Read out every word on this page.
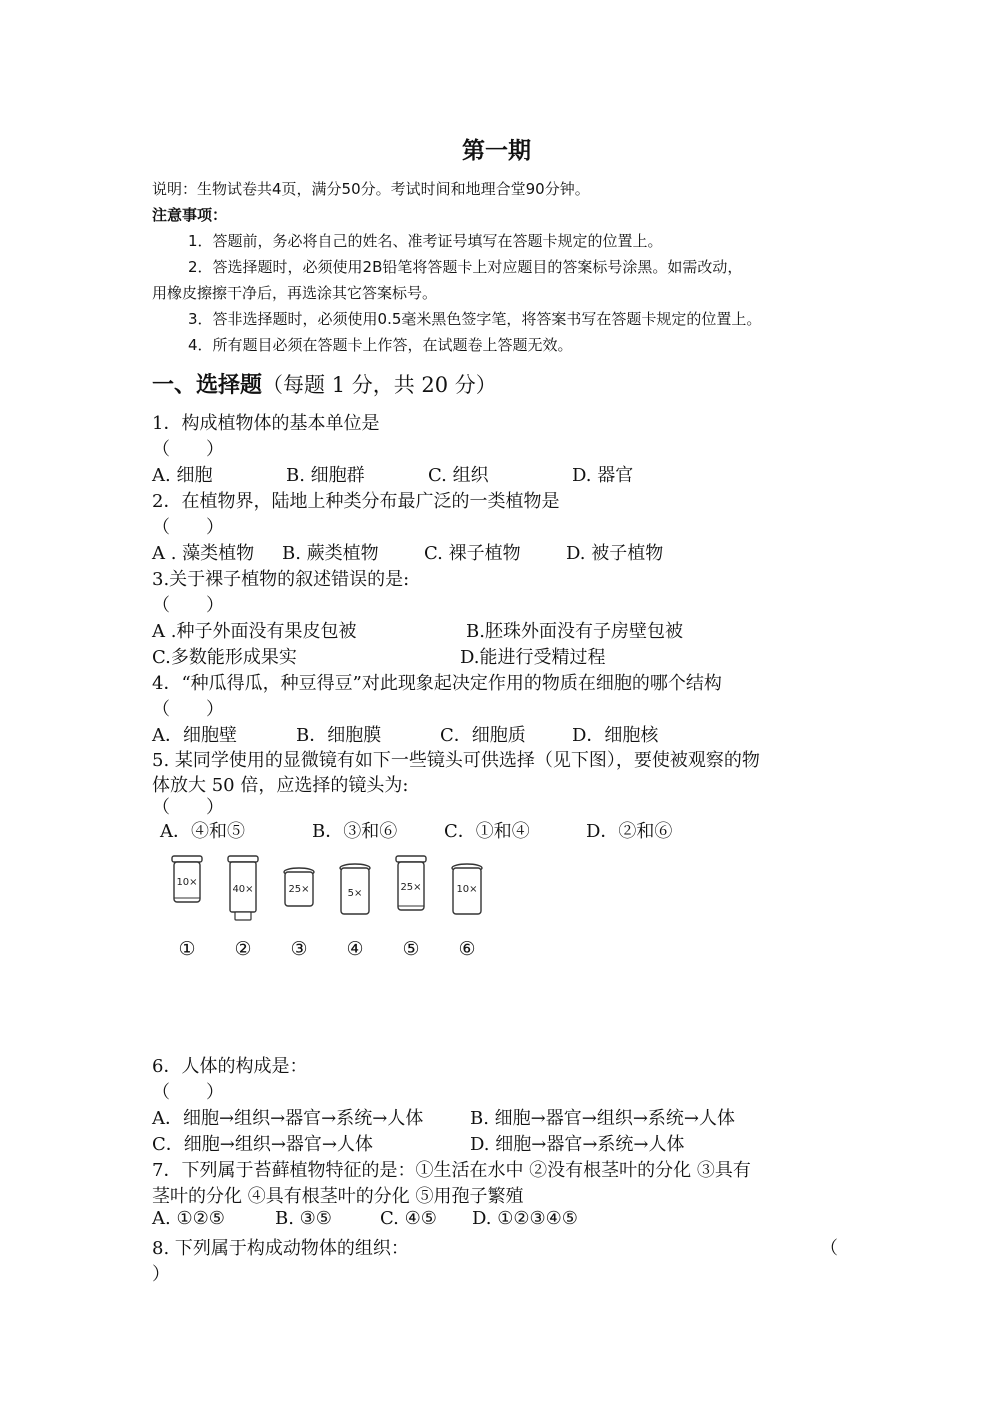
第一期
说明：生物试卷共4页，满分50分。考试时间和地理合堂90分钟。
注意事项：
1．答题前，务必将自己的姓名、准考证号填写在答题卡规定的位置上。
2．答选择题时，必须使用2B铅笔将答题卡上对应题目的答案标号涂黑。如需改动，
用橡皮擦擦干净后，再选涂其它答案标号。
3．答非选择题时，必须使用0.5毫米黑色签字笔，将答案书写在答题卡规定的位置上。
4．所有题目必须在答题卡上作答，在试题卷上答题无效。
一、选择题（每题 1 分，共 20 分）
1．构成植物体的基本单位是
（　　）
A. 细胞	B. 细胞群	C. 组织	D. 器官
2．在植物界，陆地上种类分布最广泛的一类植物是
（　　）
A . 藻类植物 B. 蕨类植物	C. 裸子植物	D. 被子植物
3.关于裸子植物的叙述错误的是:
（　　）
A .种子外面没有果皮包被	B.胚珠外面没有子房壁包被
C.多数能形成果实	D.能进行受精过程
4．“种瓜得瓜，种豆得豆”对此现象起决定作用的物质在细胞的哪个结构
（　　）
A．细胞壁	B．细胞膜	C．细胞质	D．细胞核
5. 某同学使用的显微镜有如下一些镜头可供选择（见下图），要使被观察的物
体放大 50 倍，应选择的镜头为:
（　　）
A．④和⑤	B．③和⑥	C．①和④	D．②和⑥
10×
40×	25×	5×
25×	10×
①	②	③	④	⑤	⑥
6．人体的构成是：
（　　）
A．细胞→组织→器官→系统→人体	B. 细胞→器官→组织→系统→人体
C．细胞→组织→器官→人体	D. 细胞→器官→系统→人体
7．下列属于苔藓植物特征的是：①生活在水中 ②没有根茎叶的分化 ③具有
茎叶的分化 ④具有根茎叶的分化 ⑤用孢子繁殖
A. ①②⑤	B. ③⑤	C. ④⑤ D. ①②③④⑤
8. 下列属于构成动物体的组织：	（
）
